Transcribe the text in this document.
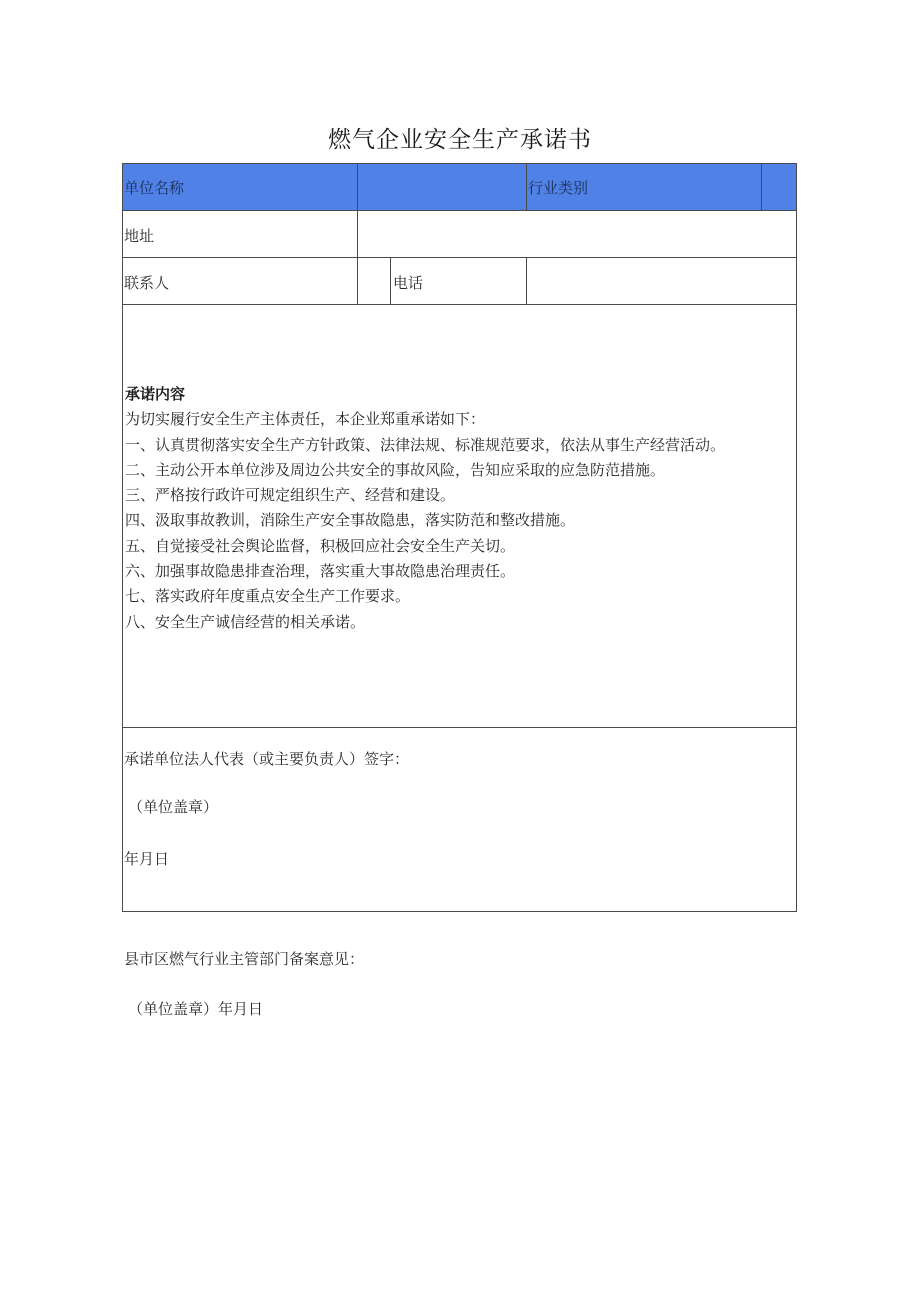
燃气企业安全生产承诺书
单位名称	行业类别
地址
联系人	电话
承诺内容
为切实履行安全生产主体责任，本企业郑重承诺如下：
一、认真贯彻落实安全生产方针政策、法律法规、标准规范要求，依法从事生产经营活动。
二、主动公开本单位涉及周边公共安全的事故风险，告知应采取的应急防范措施。
三、严格按行政许可规定组织生产、经营和建设。
四、汲取事故教训，消除生产安全事故隐患，落实防范和整改措施。
五、自觉接受社会舆论监督，积极回应社会安全生产关切。
六、加强事故隐患排查治理，落实重大事故隐患治理责任。
七、落实政府年度重点安全生产工作要求。
八、安全生产诚信经营的相关承诺。
承诺单位法人代表（或主要负责人）签字：
（单位盖章）
年月日
县市区燃气行业主管部门备案意见：
（单位盖章）年月日
